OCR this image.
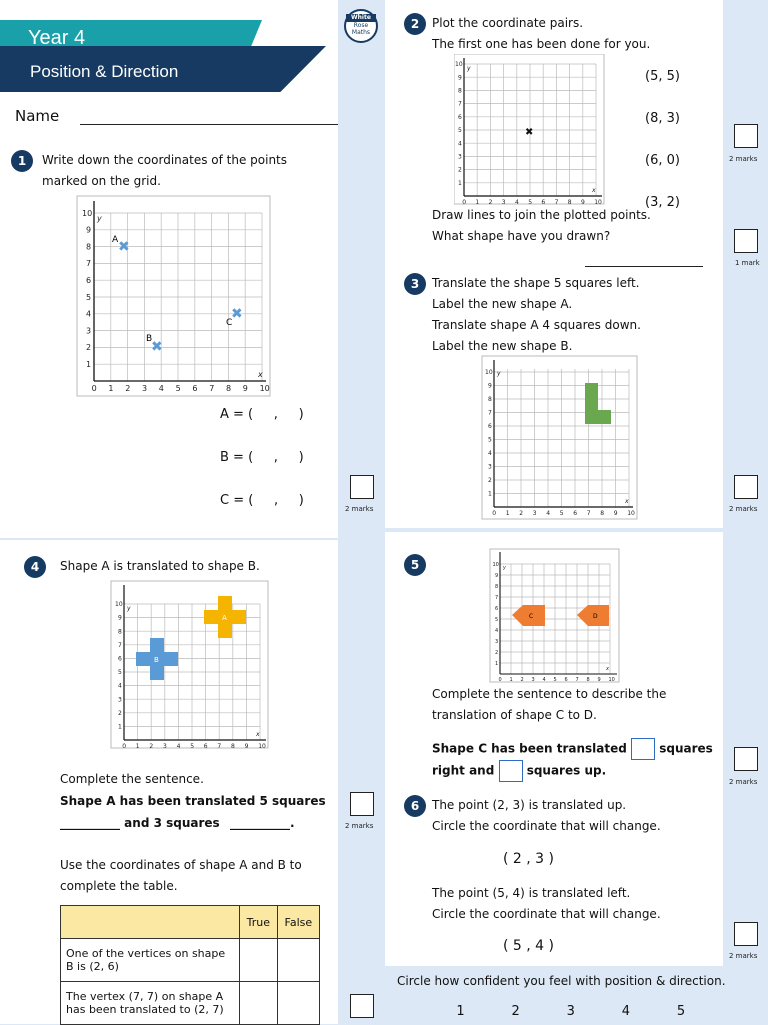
Year 4
Position & Direction
Name
White
Rose
Maths
1	Write down the coordinates of the points
marked on the grid.
0 1
1
2
2
3
3
4
4
5
5
6
6
7
7
8
8
9
9
10
10
x
y
A
B
C
✖
✖
✖
A = (     ,     )
B = (     ,     )
C = (     ,     )
2 marks
2	Plot the coordinate pairs.
The first one has been done for you.
0 1
1
2
2
3
3
4
4
5
5
6
6
7
7
8
8
9
9
10
10
x
y
✖
(5, 5)
(8, 3)
(6, 0)
(3, 2)
Draw lines to join the plotted points.
What shape have you drawn?
2 marks
1 mark
3	Translate the shape 5 squares left.
Label the new shape A.
Translate shape A 4 squares down.
Label the new shape B.
0 1
1
2
2
3
3
4
4
5
5
6
6
7
7
8
8
9
9
10
10
x
y
2 marks
4	Shape A is translated to shape B.
0 1
1
2
2
3
3
4
4
5
5
6
6
7
7
8
8
9
9
10
10
x
y
B
A
Complete the sentence.
Shape A has been translated 5 squares
__________ and 3 squares __________.
Use the coordinates of shape A and B to
complete the table.
	True	False

One of the vertices on shape
B is (2, 6)		

The vertex (7, 7) on shape A
has been translated to (2, 7)		

2 marks
5
0 1
1
2
2
3
3
4
4
5
5
6
6
7
7
8
8
9
9
10
10
x
y
C	D
Complete the sentence to describe the
translation of shape C to D.
Shape C has been translated	squares
right and	squares up.
2 marks
6	The point (2, 3) is translated up.
Circle the coordinate that will change.
( 2 , 3 )
The point (5, 4) is translated left.
Circle the coordinate that will change.
( 5 , 4 )
2 marks
Circle how confident you feel with position & direction.
1	2	3	4	5
